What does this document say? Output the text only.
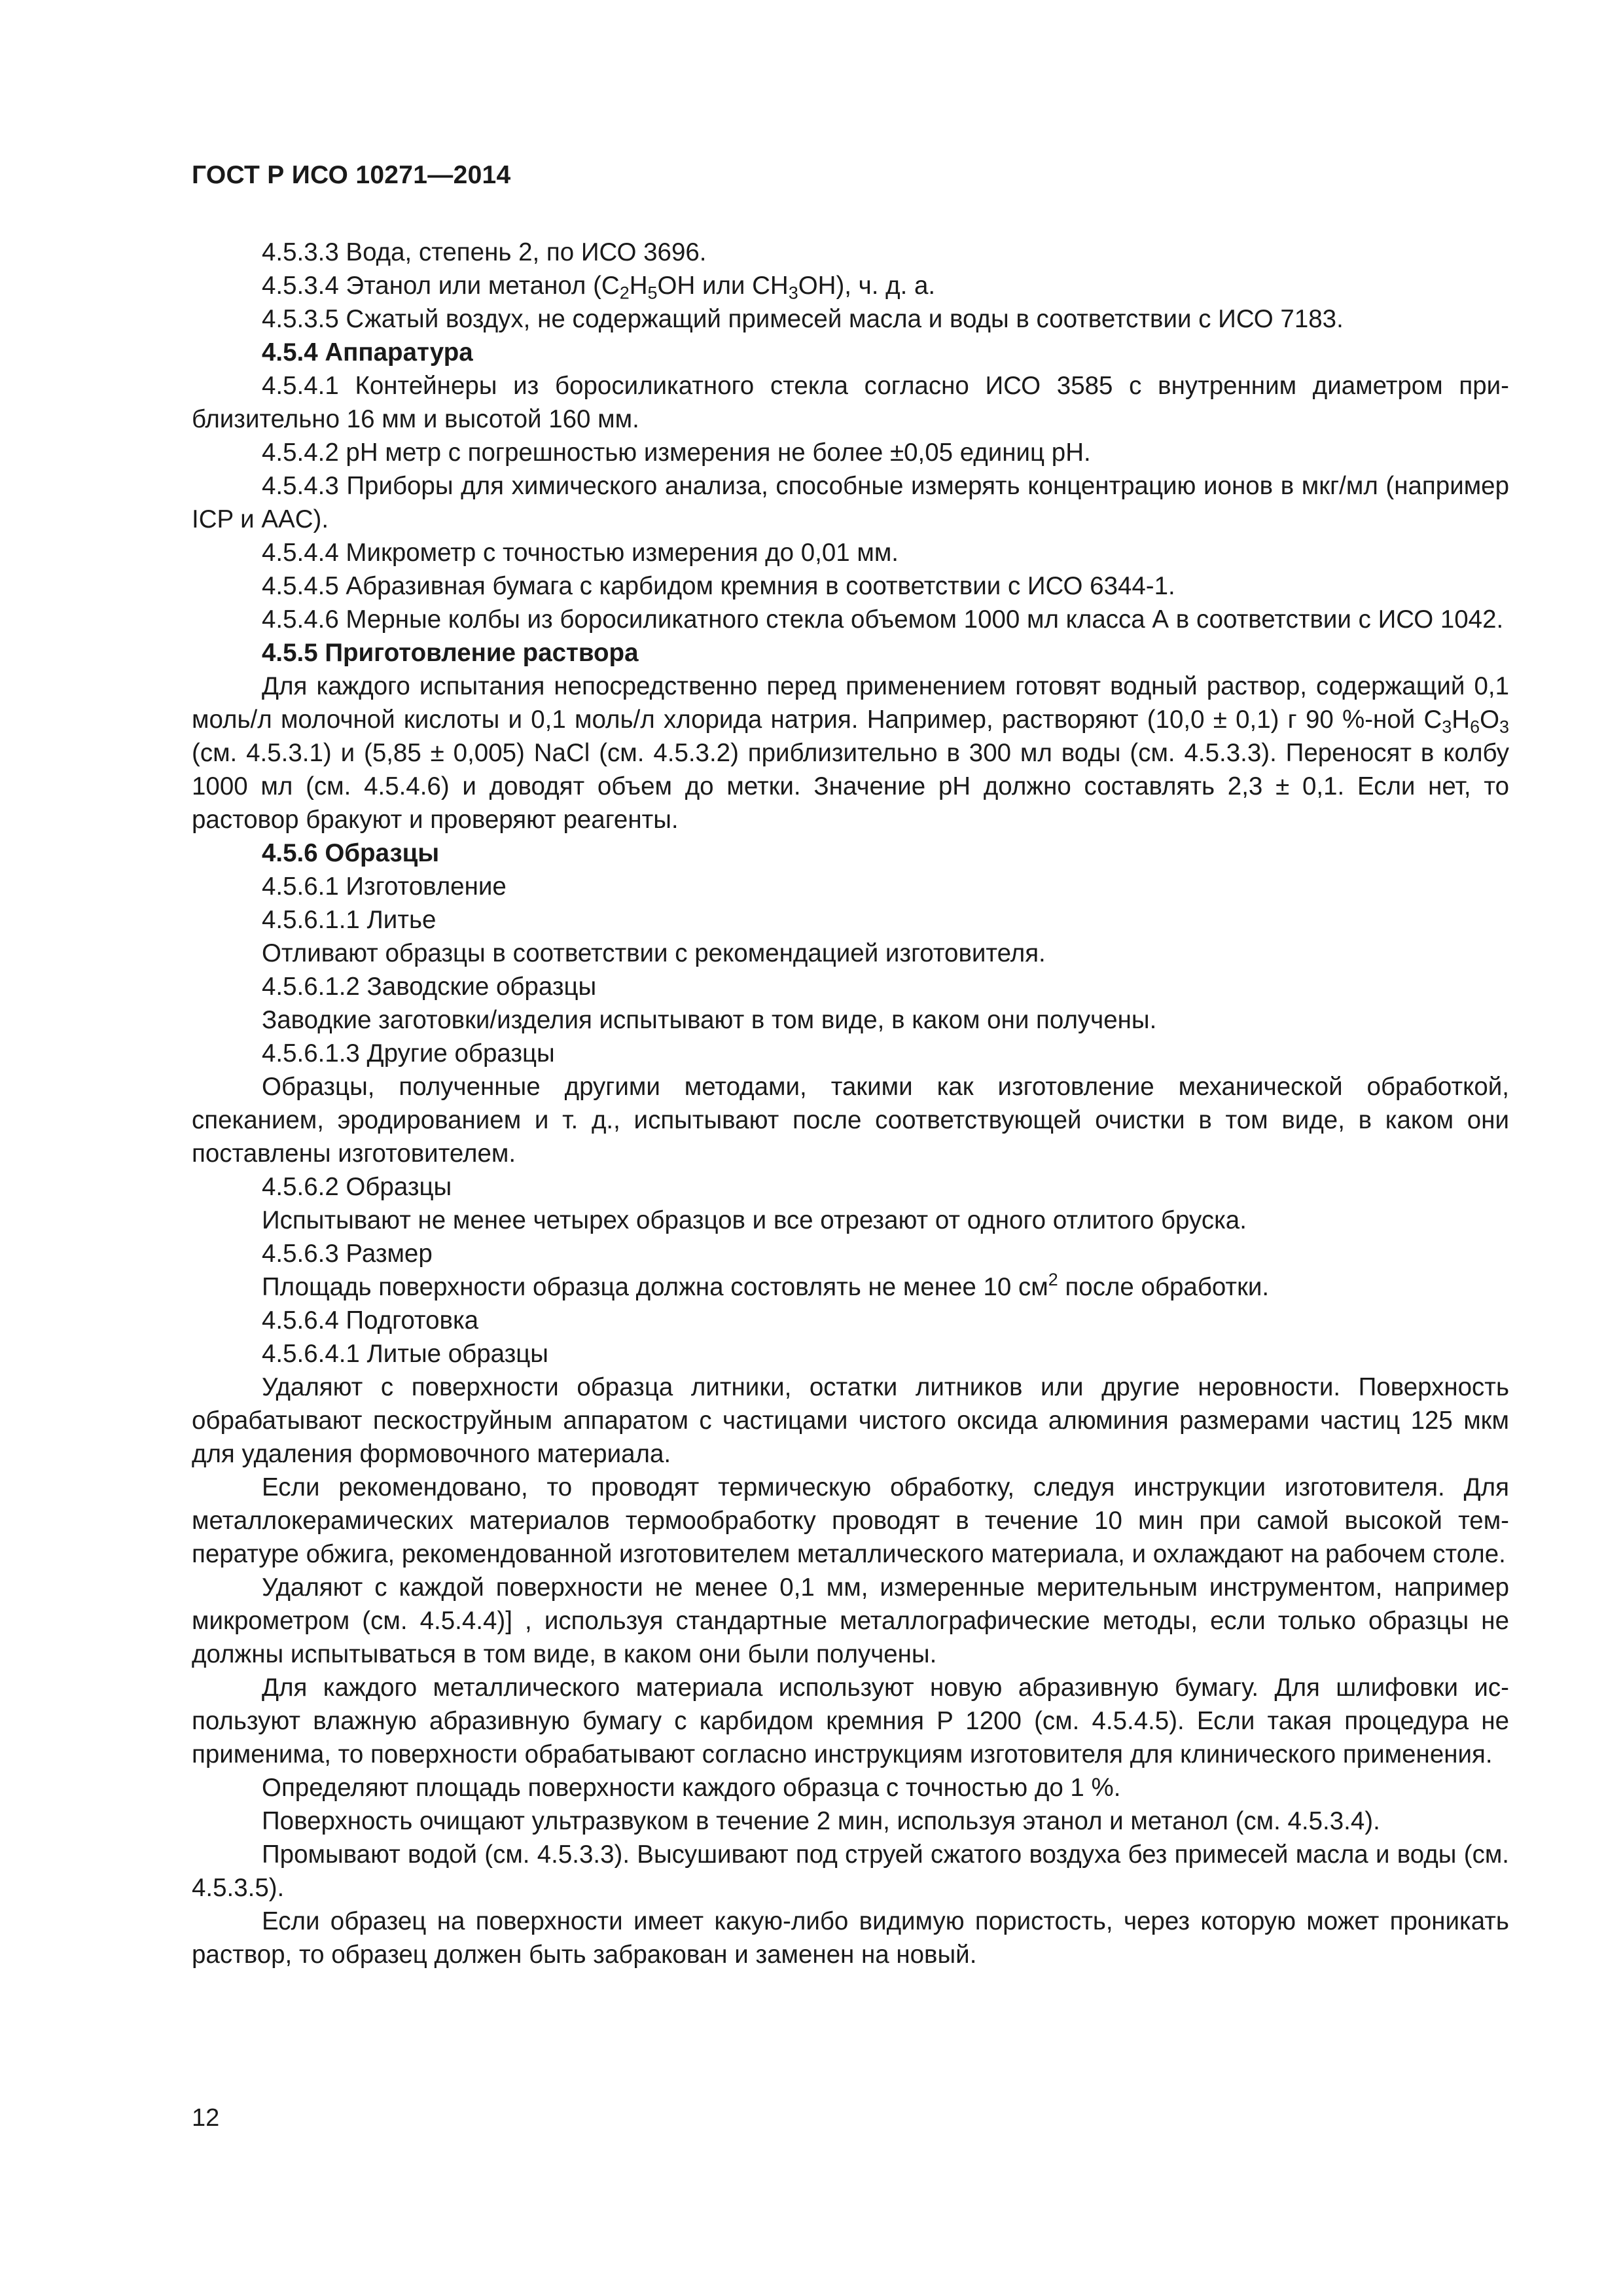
ГОСТ Р ИСО 10271—2014

4.5.3.3 Вода, степень 2, по ИСО 3696.

4.5.3.4 Этанол или метанол ($C_2H_5OH$ или $CH_3OH$), ч. д. а.

4.5.3.5 Сжатый воздух, не содержащий примесей масла и воды в соответствии с ИСО 7183.

4.5.4 Аппаратура

4.5.4.1 Контейнеры из боросиликатного стекла согласно ИСО 3585 с внутренним диаметром приблизительно 16 мм и высотой 160 мм.

4.5.4.2 pH метр с погрешностью измерения не более ±0,05 единиц pH.

4.5.4.3 Приборы для химического анализа, способные измерять концентрацию ионов в мкг/мл (например ICP и AAC).

4.5.4.4 Микрометр с точностью измерения до 0,01 мм.

4.5.4.5 Абразивная бумага с карбидом кремния в соответствии с ИСО 6344-1.

4.5.4.6 Мерные колбы из боросиликатного стекла объемом 1000 мл класса А в соответствии с ИСО 1042.

4.5.5 Приготовление раствора

Для каждого испытания непосредственно перед применением готовят водный раствор, содержащий 0,1 моль/л молочной кислоты и 0,1 моль/л хлорида натрия. Например, растворяют (10,0 ± 0,1) г 90 %-ной $C_3H_6O_3$ (см. 4.5.3.1) и (5,85 ± 0,005) NaCl (см. 4.5.3.2) приблизительно в 300 мл воды (см. 4.5.3.3). Переносят в колбу 1000 мл (см. 4.5.4.6) и доводят объем до метки. Значение pH должно составлять 2,3 ± 0,1. Если нет, то растовор бракуют и проверяют реагенты.

4.5.6 Образцы

4.5.6.1 Изготовление

4.5.6.1.1 Литье

Отливают образцы в соответствии с рекомендацией изготовителя.

4.5.6.1.2 Заводские образцы

Заводкие заготовки/изделия испытывают в том виде, в каком они получены.

4.5.6.1.3 Другие образцы

Образцы, полученные другими методами, такими как изготовление механической обработкой, спеканием, эродированием и т. д., испытывают после соответствующей очистки в том виде, в каком они поставлены изготовителем.

4.5.6.2 Образцы

Испытывают не менее четырех образцов и все отрезают от одного отлитого бруска.

4.5.6.3 Размер

Площадь поверхности образца должна состовлять не менее 10 $см^2$ после обработки.

4.5.6.4 Подготовка

4.5.6.4.1 Литые образцы

Удаляют с поверхности образца литники, остатки литников или другие неровности. Поверхность обрабатывают пескоструйным аппаратом с частицами чистого оксида алюминия размерами частиц 125 мкм для удаления формовочного материала.

Если рекомендовано, то проводят термическую обработку, следуя инструкции изготовителя. Для металлокерамических материалов термообработку проводят в течение 10 мин при самой высокой температуре обжига, рекомендованной изготовителем металлического материала, и охлаждают на рабочем столе.

Удаляют с каждой поверхности не менее 0,1 мм, измеренные мерительным инструментом, например микрометром (см. 4.5.4.4)] , используя стандартные металлографические методы, если только образцы не должны испытываться в том виде, в каком они были получены.

Для каждого металлического материала используют новую абразивную бумагу. Для шлифовки используют влажную абразивную бумагу с карбидом кремния P 1200 (см. 4.5.4.5). Если такая процедура не применима, то поверхности обрабатывают согласно инструкциям изготовителя для клинического применения.

Определяют площадь поверхности каждого образца с точностью до 1 %.

Поверхность очищают ультразвуком в течение 2 мин, используя этанол и метанол (см. 4.5.3.4).

Промывают водой (см. 4.5.3.3). Высушивают под струей сжатого воздуха без примесей масла и воды (см. 4.5.3.5).

Если образец на поверхности имеет какую-либо видимую пористость, через которую может проникать раствор, то образец должен быть забракован и заменен на новый.

12
